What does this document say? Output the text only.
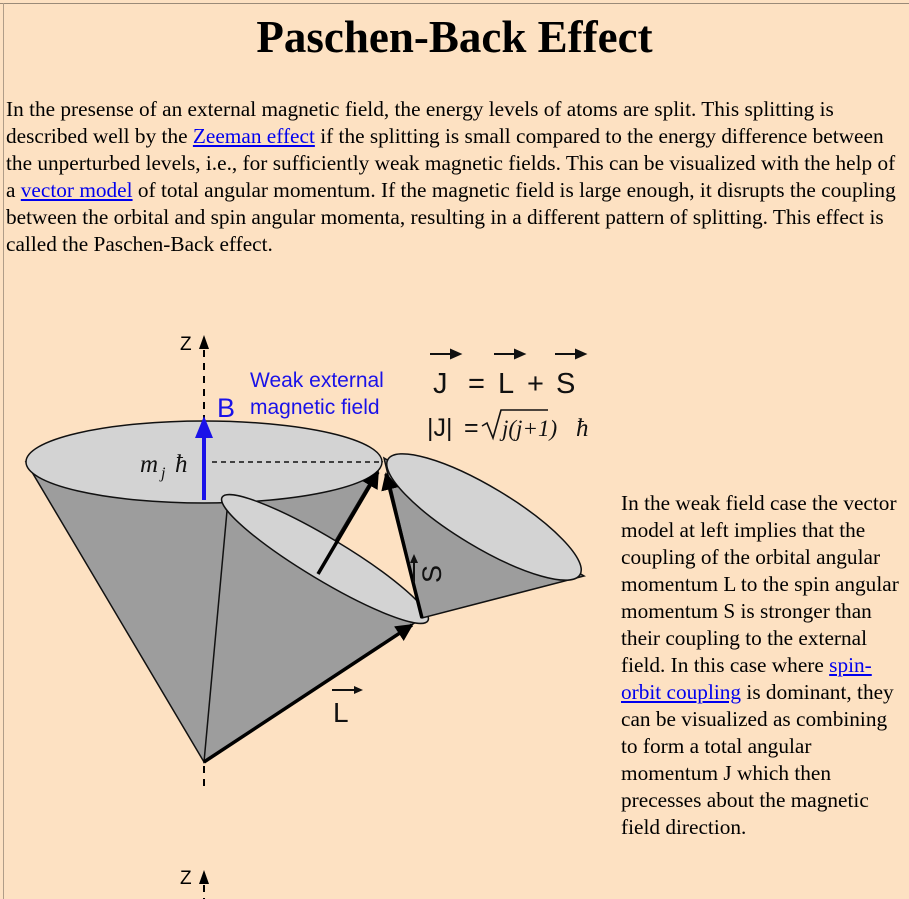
Paschen-Back Effect

In the presense of an external magnetic field, the energy levels of atoms are split. This splitting is described well by the Zeeman effect if the splitting is small compared to the energy difference between the unperturbed levels, i.e., for sufficiently weak magnetic fields. This can be visualized with the help of a vector model of total angular momentum. If the magnetic field is large enough, it disrupts the coupling between the orbital and spin angular momenta, resulting in a different pattern of splitting. This effect is called the Paschen-Back effect.

Z
Z
B
Weak external
magnetic field
J = L + S
|J| = j(j+1) ħ
m j ħ
S
L

In the weak field case the vector model at left implies that the coupling of the orbital angular momentum L to the spin angular momentum S is stronger than their coupling to the external field. In this case where spin-orbit coupling is dominant, they can be visualized as combining to form a total angular momentum J which then precesses about the magnetic field direction.
